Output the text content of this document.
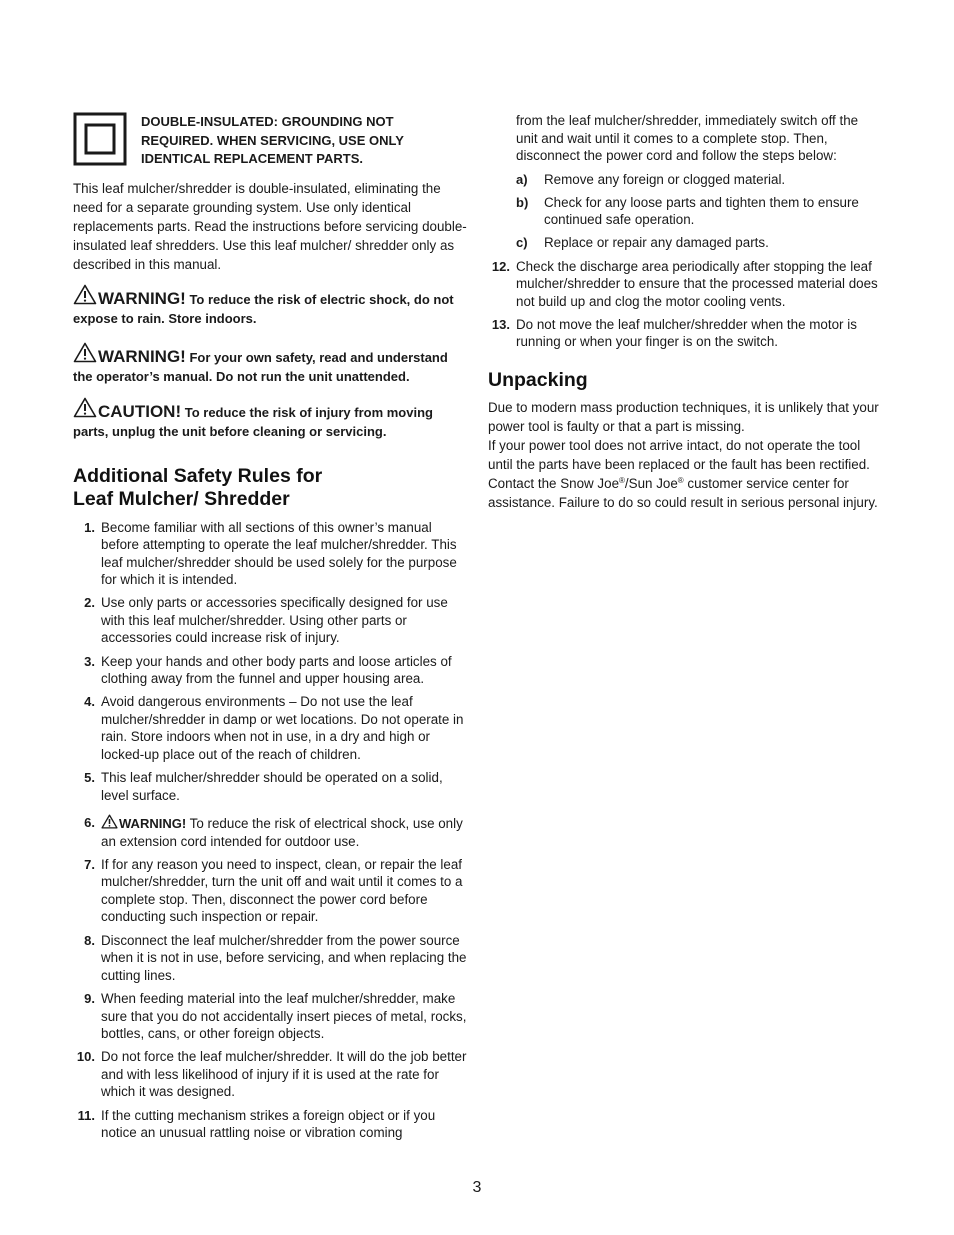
DOUBLE-INSULATED: GROUNDING NOT REQUIRED. WHEN SERVICING, USE ONLY IDENTICAL REPLACEMENT PARTS.

This leaf mulcher/shredder is double-insulated, eliminating the need for a separate grounding system. Use only identical replacements parts. Read the instructions before servicing double-insulated leaf shredders. Use this leaf mulcher/ shredder only as described in this manual.

WARNING! To reduce the risk of electric shock, do not expose to rain. Store indoors.

WARNING! For your own safety, read and understand the operator’s manual. Do not run the unit unattended.

CAUTION! To reduce the risk of injury from moving parts, unplug the unit before cleaning or servicing.

Additional Safety Rules for
Leaf Mulcher/ Shredder
1. Become familiar with all sections of this owner’s manual before attempting to operate the leaf mulcher/shredder. This leaf mulcher/shredder should be used solely for the purpose for which it is intended.
2. Use only parts or accessories specifically designed for use with this leaf mulcher/shredder. Using other parts or accessories could increase risk of injury.
3. Keep your hands and other body parts and loose articles of clothing away from the funnel and upper housing area.
4. Avoid dangerous environments – Do not use the leaf mulcher/shredder in damp or wet locations. Do not operate in rain. Store indoors when not in use, in a dry and high or locked-up place out of the reach of children.
5. This leaf mulcher/shredder should be operated on a solid, level surface.
6.	WARNING! To reduce the risk of electrical shock, use only an extension cord intended for outdoor use.
7. If for any reason you need to inspect, clean, or repair the leaf mulcher/shredder, turn the unit off and wait until it comes to a complete stop. Then, disconnect the power cord before conducting such inspection or repair.
8. Disconnect the leaf mulcher/shredder from the power source when it is not in use, before servicing, and when replacing the cutting lines.
9. When feeding material into the leaf mulcher/shredder, make sure that you do not accidentally insert pieces of metal, rocks, bottles, cans, or other foreign objects.
10. Do not force the leaf mulcher/shredder. It will do the job better and with less likelihood of injury if it is used at the rate for which it was designed.
11. If the cutting mechanism strikes a foreign object or if you notice an unusual rattling noise or vibration coming
from the leaf mulcher/shredder, immediately switch off the unit and wait until it comes to a complete stop. Then, disconnect the power cord and follow the steps below:
a)	Remove any foreign or clogged material.
b)	Check for any loose parts and tighten them to ensure continued safe operation.
c)	Replace or repair any damaged parts.
12. Check the discharge area periodically after stopping the leaf mulcher/shredder to ensure that the processed material does not build up and clog the motor cooling vents.
13. Do not move the leaf mulcher/shredder when the motor is running or when your finger is on the switch.
Unpacking

Due to modern mass production techniques, it is unlikely that your power tool is faulty or that a part is missing.
If your power tool does not arrive intact, do not operate the tool until the parts have been replaced or the fault has been rectified. Contact the Snow Joe®/Sun Joe® customer service center for assistance. Failure to do so could result in serious personal injury.

3
